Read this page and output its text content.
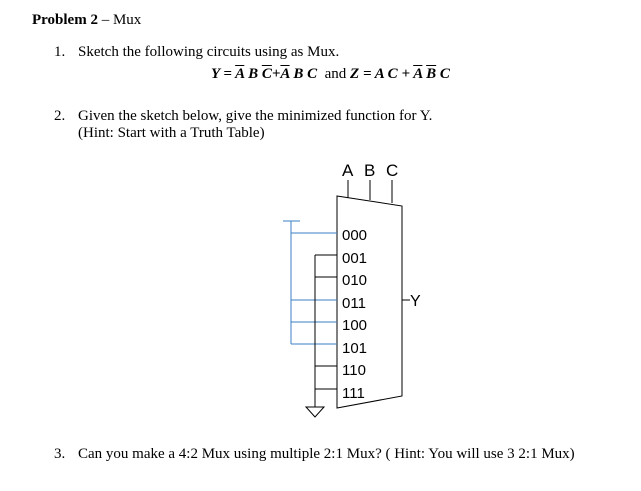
Problem 2 – Mux
1. Sketch the following circuits using as Mux.
$Y = \overline{A}$ B $\overline{C}+\overline{A}$ B C and Z = A $C + \overline{A}$ $\overline{B}$ C
2. Given the sketch below, give the minimized function for Y.
(Hint: Start with a Truth Table)
A B C
000
001
010
011
100
101
110
111
Y
3. Can you make a 4:2 Mux using multiple 2:1 Mux? ( Hint: You will use 3 2:1 Mux)
